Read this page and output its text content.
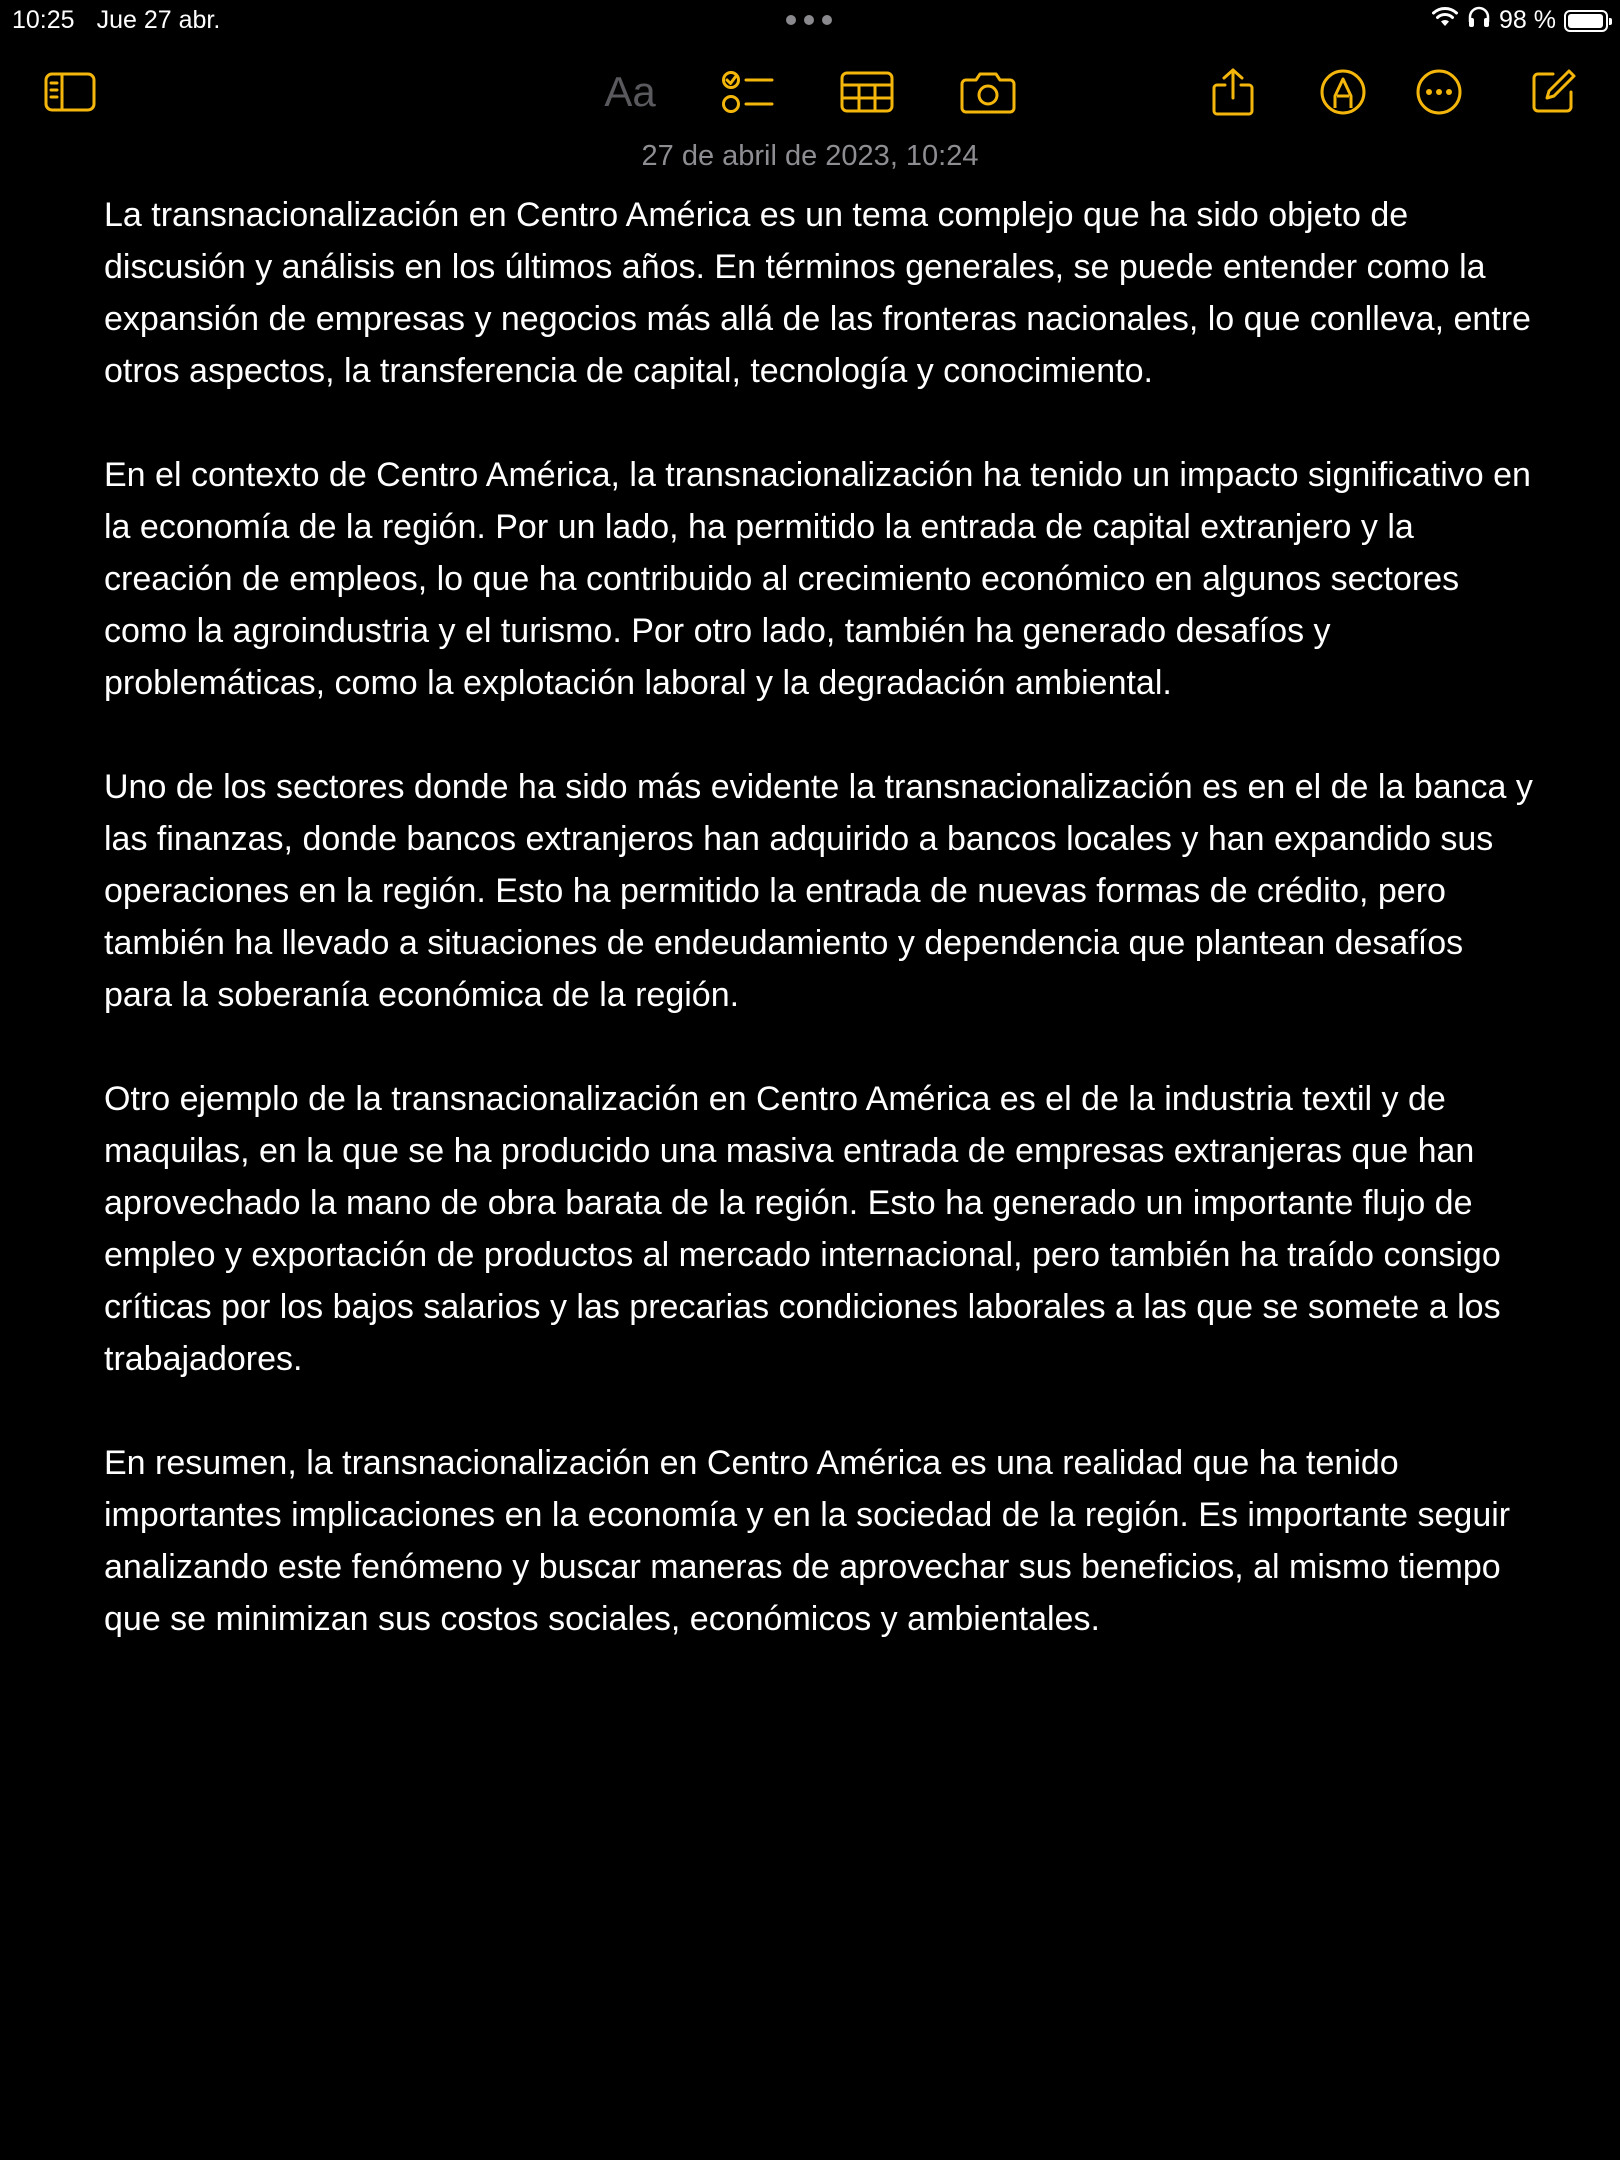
10:25 Jue 27 abr.	98 %
Aa
27 de abril de 2023, 10:24

La transnacionalización en Centro América es un tema complejo que ha sido objeto de discusión y análisis en los últimos años. En términos generales, se puede entender como la expansión de empresas y negocios más allá de las fronteras nacionales, lo que conlleva, entre otros aspectos, la transferencia de capital, tecnología y conocimiento.

En el contexto de Centro América, la transnacionalización ha tenido un impacto significativo en la economía de la región. Por un lado, ha permitido la entrada de capital extranjero y la creación de empleos, lo que ha contribuido al crecimiento económico en algunos sectores como la agroindustria y el turismo. Por otro lado, también ha generado desafíos y problemáticas, como la explotación laboral y la degradación ambiental.

Uno de los sectores donde ha sido más evidente la transnacionalización es en el de la banca y las finanzas, donde bancos extranjeros han adquirido a bancos locales y han expandido sus operaciones en la región. Esto ha permitido la entrada de nuevas formas de crédito, pero también ha llevado a situaciones de endeudamiento y dependencia que plantean desafíos para la soberanía económica de la región.

Otro ejemplo de la transnacionalización en Centro América es el de la industria textil y de maquilas, en la que se ha producido una masiva entrada de empresas extranjeras que han aprovechado la mano de obra barata de la región. Esto ha generado un importante flujo de empleo y exportación de productos al mercado internacional, pero también ha traído consigo críticas por los bajos salarios y las precarias condiciones laborales a las que se somete a los trabajadores.

En resumen, la transnacionalización en Centro América es una realidad que ha tenido importantes implicaciones en la economía y en la sociedad de la región. Es importante seguir analizando este fenómeno y buscar maneras de aprovechar sus beneficios, al mismo tiempo que se minimizan sus costos sociales, económicos y ambientales.
